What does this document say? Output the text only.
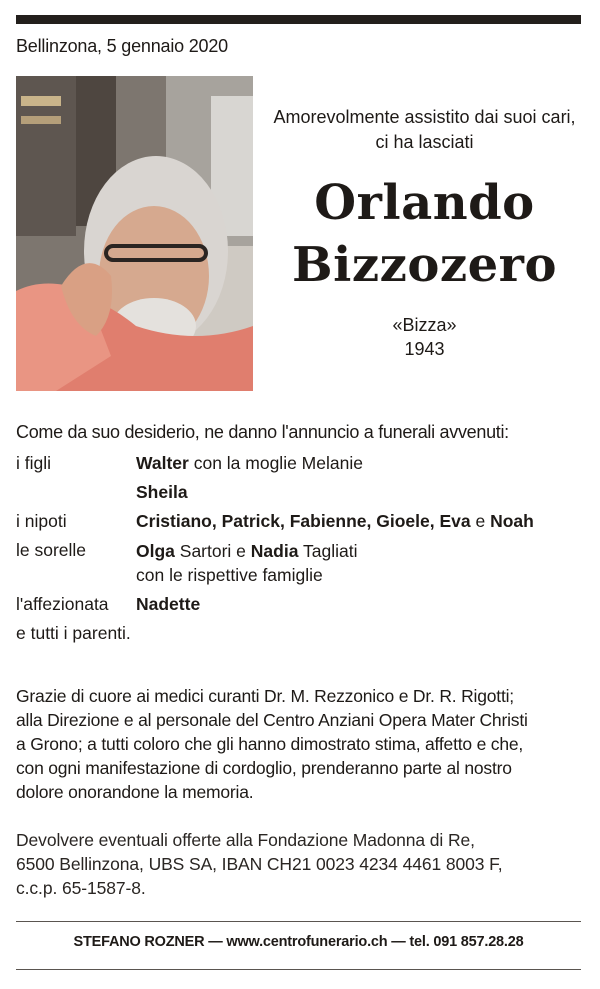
Bellinzona, 5 gennaio 2020
Amorevolmente assistito dai suoi cari,
ci ha lasciati
Orlando
Bizzozero
«Bizza»
1943
Come da suo desiderio, ne danno l'annuncio a funerali avvenuti:
i figli	Walter con la moglie Melanie
Sheila
i nipoti	Cristiano, Patrick, Fabienne, Gioele, Eva e Noah
le sorelle	Olga Sartori e Nadia Tagliati
con le rispettive famiglie
l'affezionata	Nadette
e tutti i parenti.
Grazie di cuore ai medici curanti Dr. M. Rezzonico e Dr. R. Rigotti;
alla Direzione e al personale del Centro Anziani Opera Mater Christi
a Grono; a tutti coloro che gli hanno dimostrato stima, affetto e che,
con ogni manifestazione di cordoglio, prenderanno parte al nostro
dolore onorandone la memoria.
Devolvere eventuali offerte alla Fondazione Madonna di Re,
6500 Bellinzona, UBS SA, IBAN CH21 0023 4234 4461 8003 F,
c.c.p. 65-1587-8.
STEFANO ROZNER — www.centrofunerario.ch — tel. 091 857.28.28
